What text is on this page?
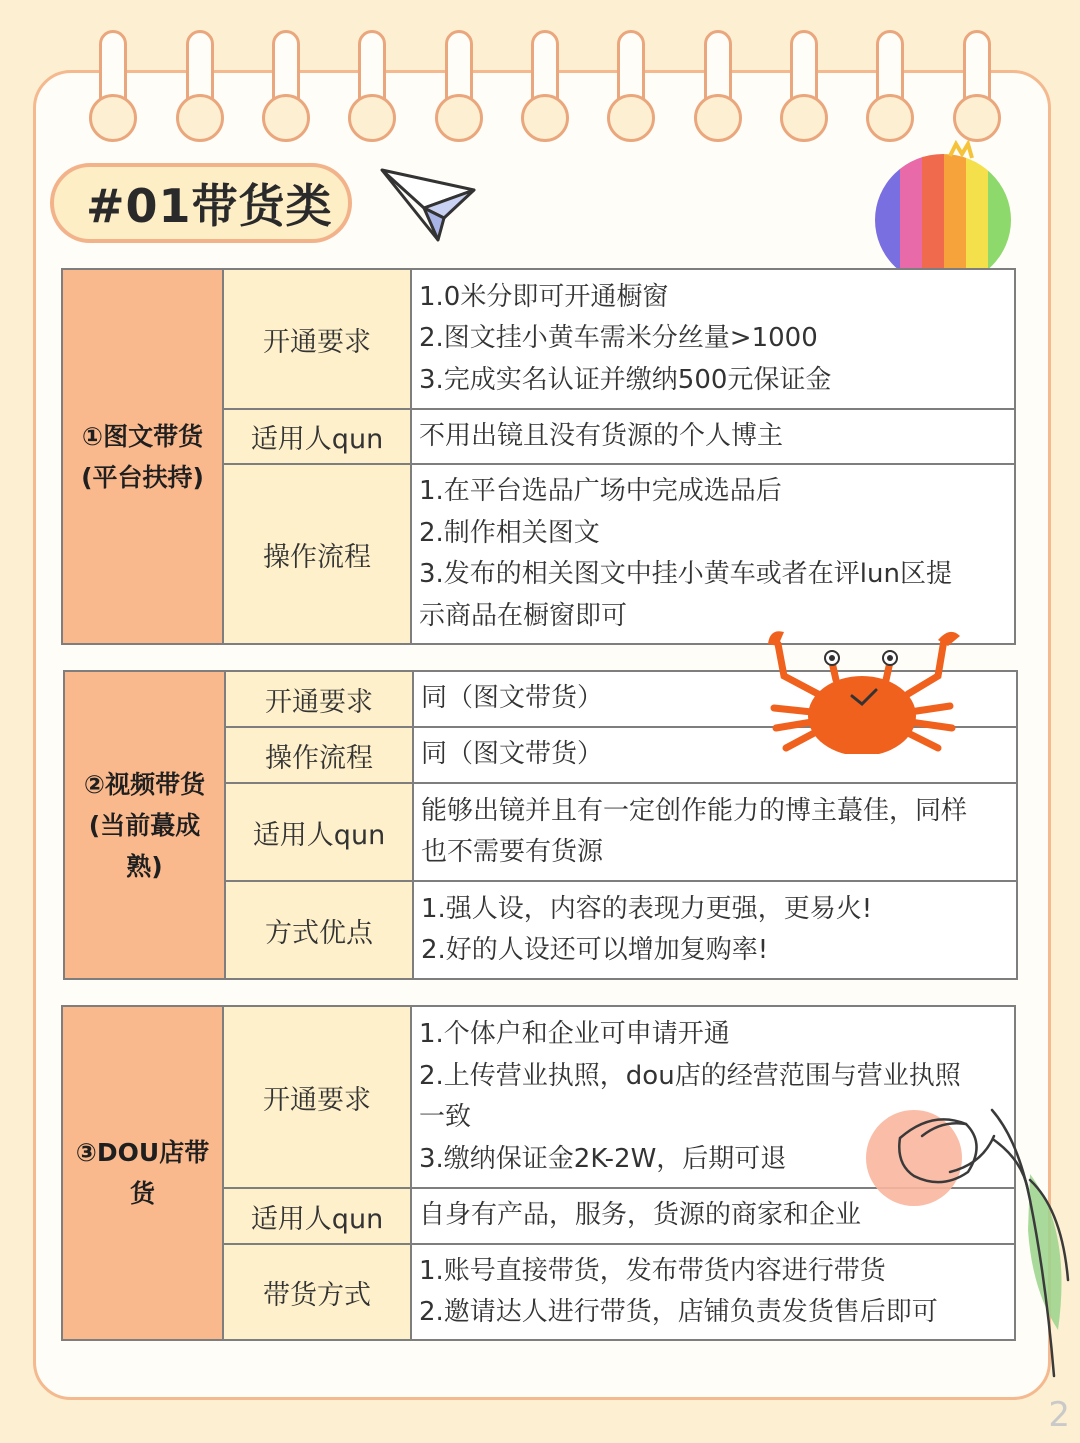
#01带货类
①图文带货
(平台扶持)	开通要求	1.0米分即可开通橱窗
2.图文挂小黄车需米分丝量>1000
3.完成实名认证并缴纳500元保证金

	适用人qun	不用出镜且没有货源的个人博主

	操作流程	1.在平台选品广场中完成选品后
2.制作相关图文
3.发布的相关图文中挂小黄车或者在评lun区提
示商品在橱窗即可
②视频带货
(当前蕞成
熟)	开通要求	同（图文带货）

	操作流程	同（图文带货）

	适用人qun	能够出镜并且有一定创作能力的博主蕞佳，同样
也不需要有货源

	方式优点	1.强人设，内容的表现力更强，更易火!
2.好的人设还可以增加复购率!
③DOU店带
货	开通要求	1.个体户和企业可申请开通
2.上传营业执照，dou店的经营范围与营业执照
一致
3.缴纳保证金2K-2W，后期可退

	适用人qun	自身有产品，服务，货源的商家和企业

	带货方式	1.账号直接带货，发布带货内容进行带货
2.邀请达人进行带货，店铺负责发货售后即可
2
